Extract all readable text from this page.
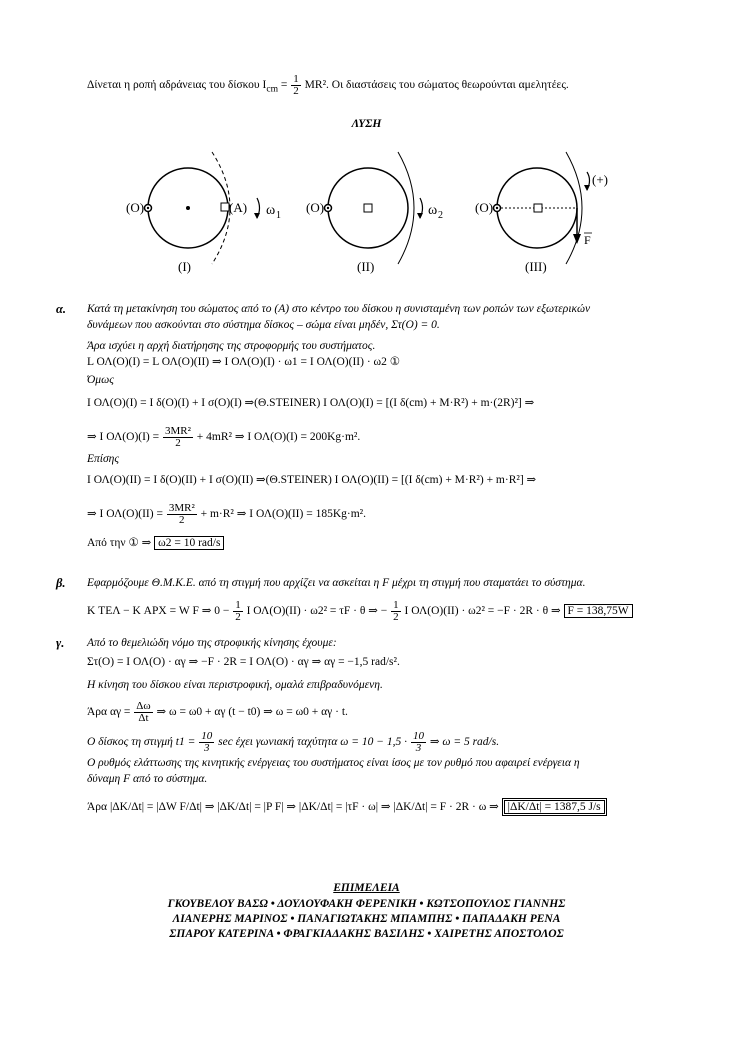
Δίνεται η ροπή αδράνειας του δίσκου $I_{cm} = \frac{1}{2} MR^2$. Οι διαστάσεις του σώματος θεωρούνται αμελητέες.
ΛΥΣΗ
(O)	(A) ω 1
(I)
(O)	ω 2
(II)
(O)
(+)
F
(III)
α. Κατά τη μετακίνηση του σώματος από το (A) στο κέντρο του δίσκου η συνισταμένη των ροπών των εξωτερικών
δυνάμεων που ασκούνται στο σύστημα δίσκος – σώμα είναι μηδέν, Στ(O) = 0.
Άρα ισχύει η αρχή διατήρησης της στροφορμής του συστήματος.
L ΟΛ(O)(I) = L ΟΛ(O)(II) ⇒ I ΟΛ(O)(I) · ω1 = I ΟΛ(O)(II) · ω2 ①
Όμως
I ΟΛ(O)(I) = I δ(O)(I) + I σ(O)(I) ⇒(Θ.STEINER) I ΟΛ(O)(I) = [(I δ(cm) + M·R²) + m·(2R)²] ⇒
⇒ I $O\Lambda(O)(I) = \frac{\text{3MR²}}{2} + 4mR^2$ ⇒ I ΟΛ(O)(I) = 200Kg·m².
Επίσης
I ΟΛ(O)(II) = I δ(O)(II) + I σ(O)(II) ⇒(Θ.STEINER) I ΟΛ(O)(II) = [(I δ(cm) + M·R²) + m·R²] ⇒
⇒ I $O\Lambda(O)(II) = \frac{\text{3MR²}}{2} + m\cdot R^2$ ⇒ I ΟΛ(O)(II) = 185Kg·m².
Από την ① ⇒ ω2 = 10 rad/s
β. Εφαρμόζουμε Θ.Μ.Κ.Ε. από τη στιγμή που αρχίζει να ασκείται η F μέχρι τη στιγμή που σταματάει το σύστημα.
K ΤΕΛ − K ΑΡΧ = W F ⇒ $0 - \frac{1}{2}$ I ΟΛ(O)(II) · ω2² = τF · θ ⇒ − $\frac{1}{2}$ I ΟΛ(O)(II) · ω2² = −F · 2R · θ ⇒ F = 138,75W
γ. Από το θεμελιώδη νόμο της στροφικής κίνησης έχουμε:
Στ(O) = I ΟΛ(O) · αγ ⇒ −F · 2R = I ΟΛ(O) · αγ ⇒ αγ = −1,5 rad/s².
Η κίνηση του δίσκου είναι περιστροφική, ομαλά επιβραδυνόμενη.
Άρα $\alpha\gamma = \frac{\Delta\omega}{\Delta t}$ ⇒ ω = ω0 + αγ (t − t0) ⇒ ω = ω0 + αγ · t.
Ο δίσκος τη στιγμή $t1 = \frac{10}{3}$ sec έχει γωνιακή ταχύτητα $\omega = 10 - 1,5 \cdot \frac{10}{3}$ ⇒ ω = 5 rad/s.
Ο ρυθμός ελάττωσης της κινητικής ενέργειας του συστήματος είναι ίσος με τον ρυθμό που αφαιρεί ενέργεια η
δύναμη F από το σύστημα.
Άρα |ΔK/Δt| = |ΔW F/Δt| ⇒ |ΔK/Δt| = |P F| ⇒ |ΔK/Δt| = |τF · ω| ⇒ |ΔK/Δt| = F · 2R · ω ⇒ |ΔK/Δt| = 1387,5 J/s
ΕΠΙΜΕΛΕΙΑ
ΓΚΟΥΒΕΛΟΥ ΒΑΣΩ • ΔΟΥΛΟΥΦΑΚΗ ΦΕΡΕΝΙΚΗ • ΚΩΤΣΟΠΟΥΛΟΣ ΓΙΑΝΝΗΣ
ΛΙΑΝΕΡΗΣ ΜΑΡΙΝΟΣ • ΠΑΝΑΓΙΩΤΑΚΗΣ ΜΠΑΜΠΗΣ • ΠΑΠΑΔΑΚΗ ΡΕΝΑ
ΣΠΑΡΟΥ ΚΑΤΕΡΙΝΑ • ΦΡΑΓΚΙΑΔΑΚΗΣ ΒΑΣΙΛΗΣ • ΧΑΙΡΕΤΗΣ ΑΠΟΣΤΟΛΟΣ
